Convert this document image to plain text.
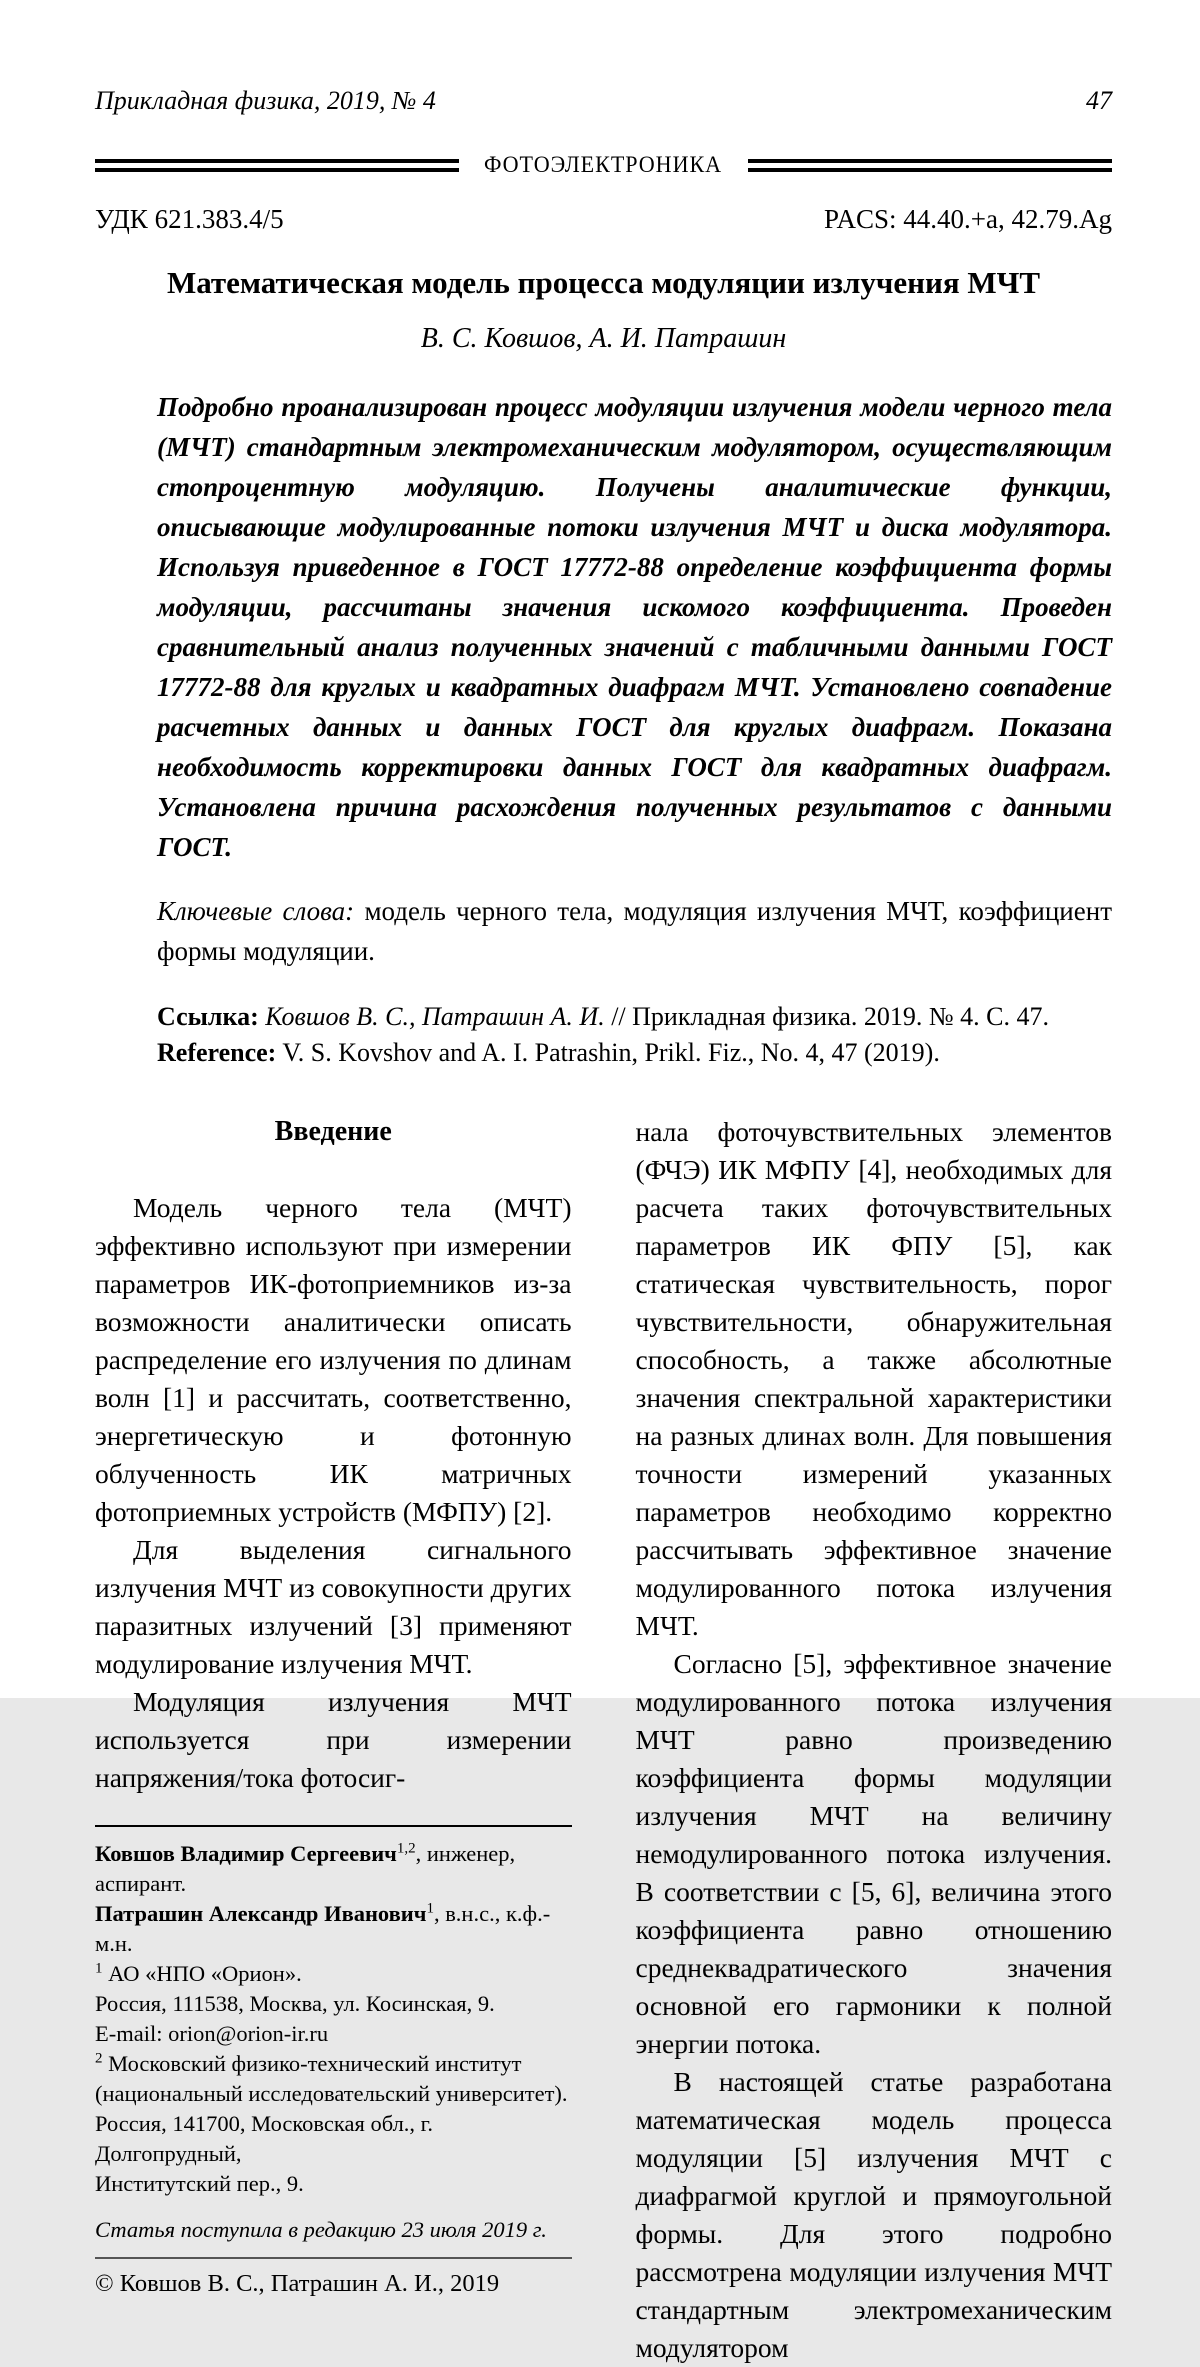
Прикладная физика, 2019, № 4	47
ФОТОЭЛЕКТРОНИКА
УДК 621.383.4/5	PACS: 44.40.+a, 42.79.Ag
Математическая модель процесса модуляции излучения МЧТ
В. С. Ковшов, А. И. Патрашин
Подробно проанализирован процесс модуляции излучения модели черного тела (МЧТ) стандартным электромеханическим модулятором, осуществляющим стопроцентную модуляцию. Получены аналитические функции, описывающие модулированные потоки излучения МЧТ и диска модулятора. Используя приведенное в ГОСТ 17772-88 определение коэффициента формы модуляции, рассчитаны значения искомого коэффициента. Проведен сравнительный анализ полученных значений с табличными данными ГОСТ 17772-88 для круглых и квадратных диафрагм МЧТ. Установлено совпадение расчетных данных и данных ГОСТ для круглых диафрагм. Показана необходимость корректировки данных ГОСТ для квадратных диафрагм. Установлена причина расхождения полученных результатов с данными ГОСТ.
Ключевые слова: модель черного тела, модуляция излучения МЧТ, коэффициент формы модуляции.
Ссылка: Ковшов В. С., Патрашин А. И. // Прикладная физика. 2019. № 4. С. 47.
Reference: V. S. Kovshov and A. I. Patrashin, Prikl. Fiz., No. 4, 47 (2019).
Введение

Модель черного тела (МЧТ) эффективно используют при измерении параметров ИК-фотоприемников из-за возможности аналитически описать распределение его излучения по длинам волн [1] и рассчитать, соответственно, энергетическую и фотонную облученность ИК матричных фотоприемных устройств (МФПУ) [2].

Для выделения сигнального излучения МЧТ из совокупности других паразитных излучений [3] применяют модулирование излучения МЧТ.

Модуляция излучения МЧТ используется при измерении напряжения/тока фотосиг-

Ковшов Владимир Сергеевич$^{1,2}$, инженер, аспирант.
Патрашин Александр Иванович$^1$, в.н.с., к.ф.-м.н.
$^1$ АО «НПО «Орион».
Россия, 111538, Москва, ул. Косинская, 9.
E-mail: orion@orion-ir.ru
$^2$ Московский физико-технический институт
(национальный исследовательский университет).
Россия, 141700, Московская обл., г. Долгопрудный,
Институтский пер., 9.
Статья поступила в редакцию 23 июля 2019 г.
© Ковшов В. С., Патрашин А. И., 2019

нала фоточувствительных элементов (ФЧЭ) ИК МФПУ [4], необходимых для расчета таких фоточувствительных параметров ИК ФПУ [5], как статическая чувствительность, порог чувствительности, обнаружительная способность, а также абсолютные значения спектральной характеристики на разных длинах волн. Для повышения точности измерений указанных параметров необходимо корректно рассчитывать эффективное значение модулированного потока излучения МЧТ.

Согласно [5], эффективное значение модулированного потока излучения МЧТ равно произведению коэффициента формы модуляции излучения МЧТ на величину немодулированного потока излучения. В соответствии с [5, 6], величина этого коэффициента равно отношению среднеквадратического значения основной его гармоники к полной энергии потока.

В настоящей статье разработана математическая модель процесса модуляции [5] излучения МЧТ с диафрагмой круглой и прямоугольной формы. Для этого подробно рассмотрена модуляции излучения МЧТ стандартным электромеханическим модулятором
